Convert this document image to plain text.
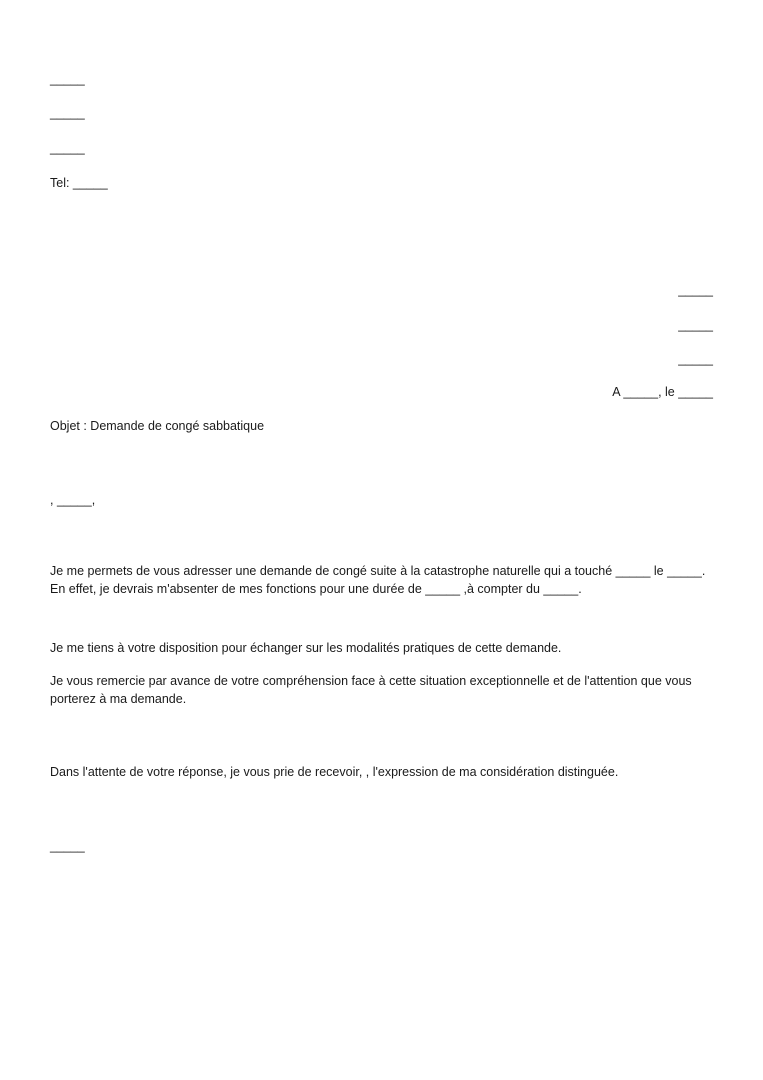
_____
_____
_____
Tel: _____
_____
_____
_____
A _____, le _____
Objet : Demande de congé sabbatique
, _____,
Je me permets de vous adresser une demande de congé suite à la catastrophe naturelle qui a touché _____ le _____. En effet, je devrais m'absenter de mes fonctions pour une durée de _____ ,à compter du _____.
Je me tiens à votre disposition pour échanger sur les modalités pratiques de cette demande.
Je vous remercie par avance de votre compréhension face à cette situation exceptionnelle et de l'attention que vous porterez à ma demande.
Dans l'attente de votre réponse, je vous prie de recevoir, , l'expression de ma considération distinguée.
_____
